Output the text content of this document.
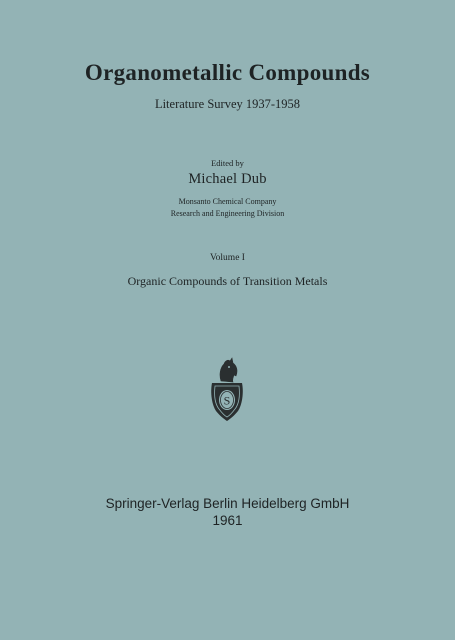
Organometallic Compounds
Literature Survey 1937-1958
Edited by
Michael Dub
Monsanto Chemical Company
Research and Engineering Division
Volume I
Organic Compounds of Transition Metals
S
Springer-Verlag Berlin Heidelberg GmbH
1961
